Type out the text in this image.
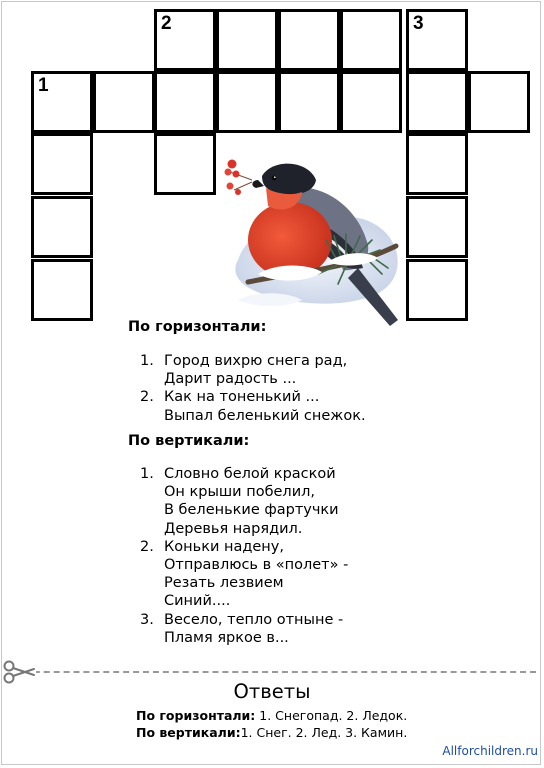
2	3
1
По горизонтали:
1. Город вихрю снега рад,
Дарит радость ...
2. Как на тоненький ...
Выпал беленький снежок.
По вертикали:
1. Словно белой краской
Он крыши побелил,
В беленькие фартучки
Деревья нарядил.
2. Коньки надену,
Отправлюсь в «полет» -
Резать лезвием
Синий....
3. Весело, тепло отныне -
Пламя яркое в...
Ответы
По горизонтали: 1. Снегопад. 2. Ледок.
По вертикали:1. Снег. 2. Лед. 3. Камин.
Allforchildren.ru
